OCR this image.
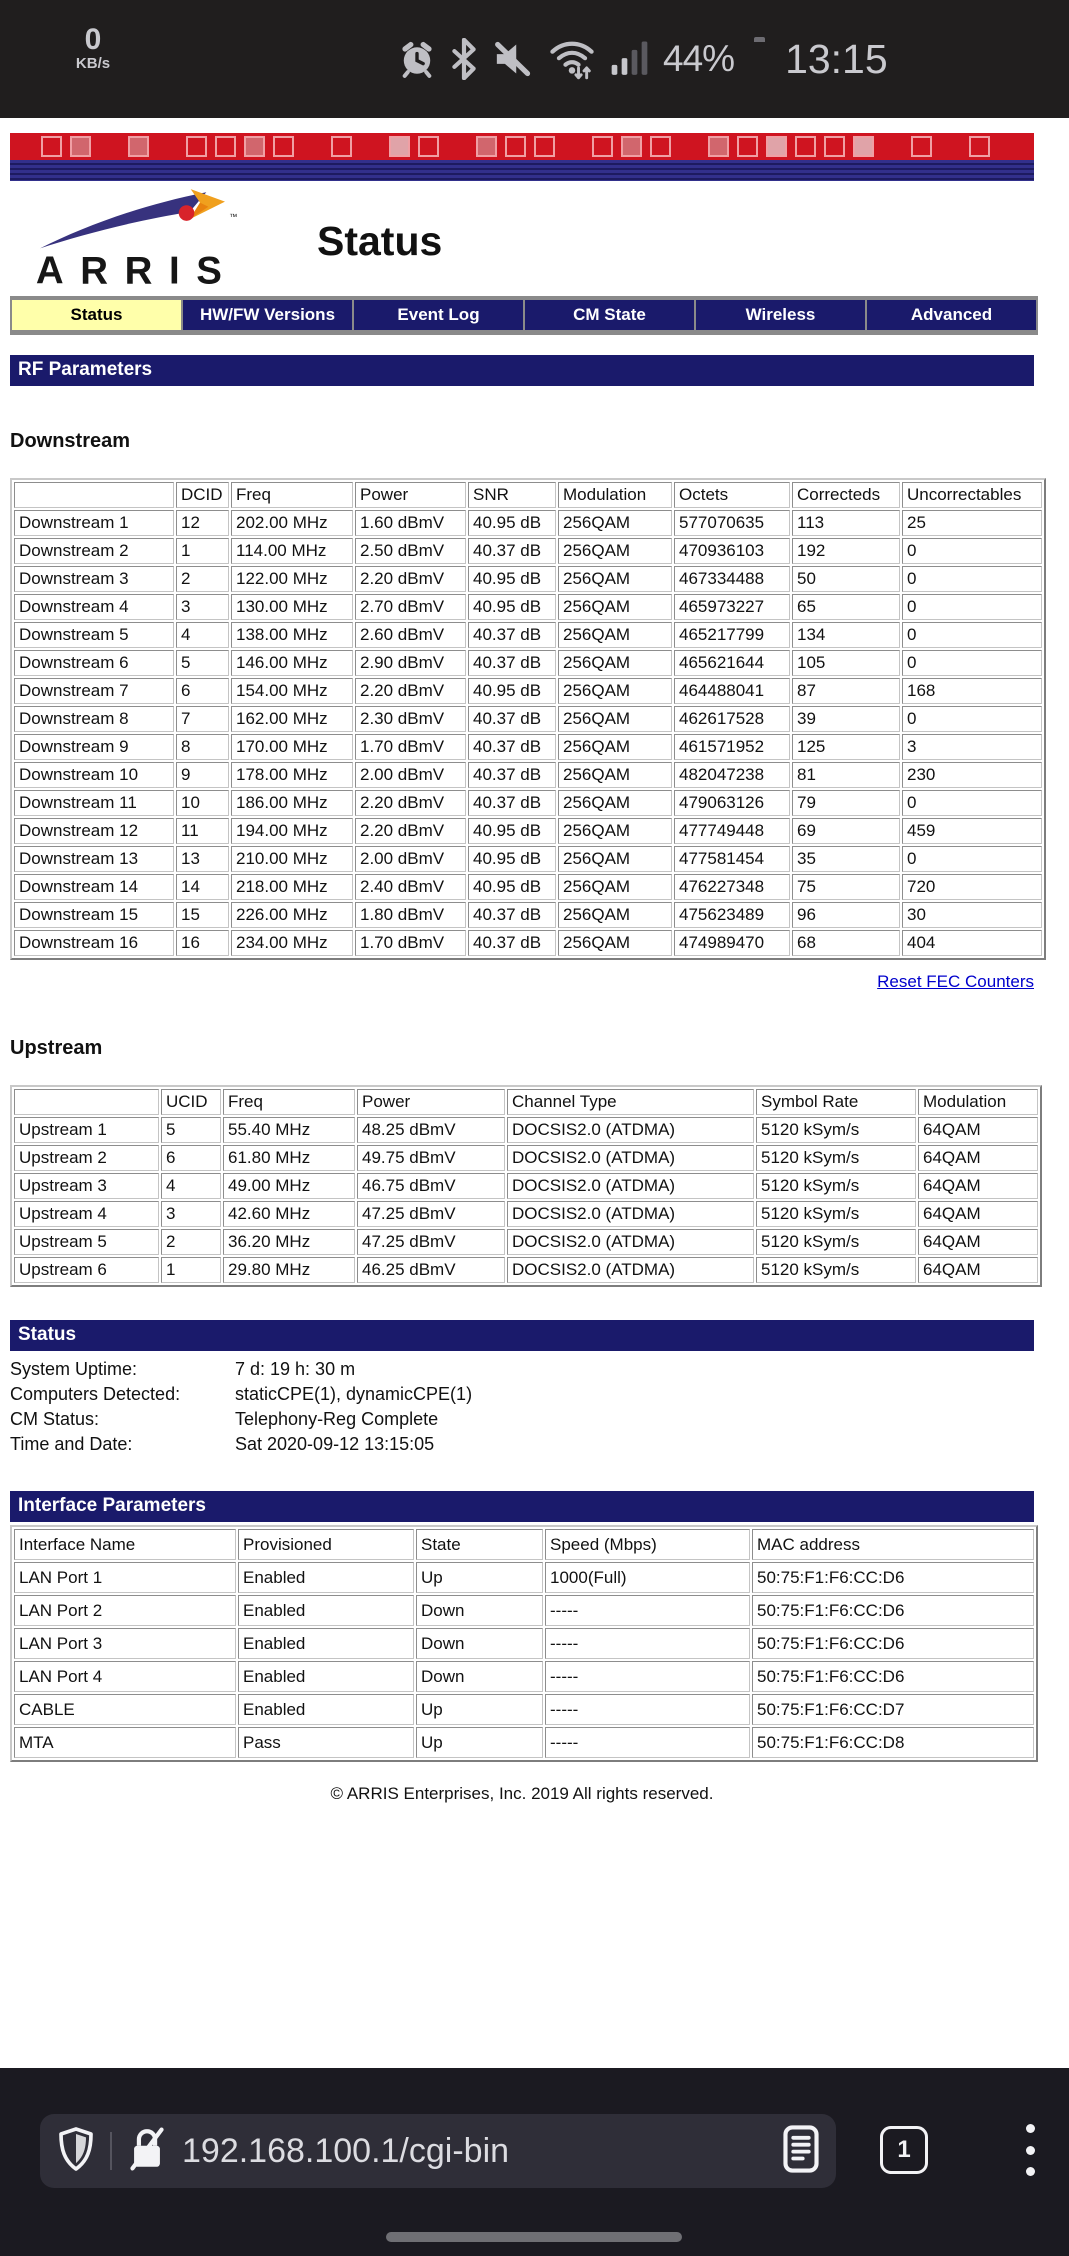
0
KB/s	44% 13:15
™
ARRIS
Status
Status	HW/FW Versions	Event Log	CM State	Wireless	Advanced
RF Parameters
Downstream
	DCID	Freq	Power	SNR	Modulation	Octets	Correcteds	Uncorrectables
Downstream 1	12	202.00 MHz	1.60 dBmV	40.95 dB	256QAM	577070635	113	25
Downstream 2	1	114.00 MHz	2.50 dBmV	40.37 dB	256QAM	470936103	192	0
Downstream 3	2	122.00 MHz	2.20 dBmV	40.95 dB	256QAM	467334488	50	0
Downstream 4	3	130.00 MHz	2.70 dBmV	40.95 dB	256QAM	465973227	65	0
Downstream 5	4	138.00 MHz	2.60 dBmV	40.37 dB	256QAM	465217799	134	0
Downstream 6	5	146.00 MHz	2.90 dBmV	40.37 dB	256QAM	465621644	105	0
Downstream 7	6	154.00 MHz	2.20 dBmV	40.95 dB	256QAM	464488041	87	168
Downstream 8	7	162.00 MHz	2.30 dBmV	40.37 dB	256QAM	462617528	39	0
Downstream 9	8	170.00 MHz	1.70 dBmV	40.37 dB	256QAM	461571952	125	3
Downstream 10	9	178.00 MHz	2.00 dBmV	40.37 dB	256QAM	482047238	81	230
Downstream 11	10	186.00 MHz	2.20 dBmV	40.37 dB	256QAM	479063126	79	0
Downstream 12	11	194.00 MHz	2.20 dBmV	40.95 dB	256QAM	477749448	69	459
Downstream 13	13	210.00 MHz	2.00 dBmV	40.95 dB	256QAM	477581454	35	0
Downstream 14	14	218.00 MHz	2.40 dBmV	40.95 dB	256QAM	476227348	75	720
Downstream 15	15	226.00 MHz	1.80 dBmV	40.37 dB	256QAM	475623489	96	30
Downstream 16	16	234.00 MHz	1.70 dBmV	40.37 dB	256QAM	474989470	68	404
Reset FEC Counters
Upstream
	UCID	Freq	Power	Channel Type	Symbol Rate	Modulation
Upstream 1	5	55.40 MHz	48.25 dBmV	DOCSIS2.0 (ATDMA)	5120 kSym/s	64QAM
Upstream 2	6	61.80 MHz	49.75 dBmV	DOCSIS2.0 (ATDMA)	5120 kSym/s	64QAM
Upstream 3	4	49.00 MHz	46.75 dBmV	DOCSIS2.0 (ATDMA)	5120 kSym/s	64QAM
Upstream 4	3	42.60 MHz	47.25 dBmV	DOCSIS2.0 (ATDMA)	5120 kSym/s	64QAM
Upstream 5	2	36.20 MHz	47.25 dBmV	DOCSIS2.0 (ATDMA)	5120 kSym/s	64QAM
Upstream 6	1	29.80 MHz	46.25 dBmV	DOCSIS2.0 (ATDMA)	5120 kSym/s	64QAM
Status
System Uptime:	7 d: 19 h: 30 m
Computers Detected:	staticCPE(1), dynamicCPE(1)
CM Status:	Telephony-Reg Complete
Time and Date:	Sat 2020-09-12 13:15:05
Interface Parameters
Interface Name	Provisioned	State	Speed (Mbps)	MAC address
LAN Port 1	Enabled	Up	1000(Full)	50:75:F1:F6:CC:D6
LAN Port 2	Enabled	Down	-----	50:75:F1:F6:CC:D6
LAN Port 3	Enabled	Down	-----	50:75:F1:F6:CC:D6
LAN Port 4	Enabled	Down	-----	50:75:F1:F6:CC:D6
CABLE	Enabled	Up	-----	50:75:F1:F6:CC:D7
MTA	Pass	Up	-----	50:75:F1:F6:CC:D8
© ARRIS Enterprises, Inc. 2019 All rights reserved.
192.168.100.1/cgi-bin	1
